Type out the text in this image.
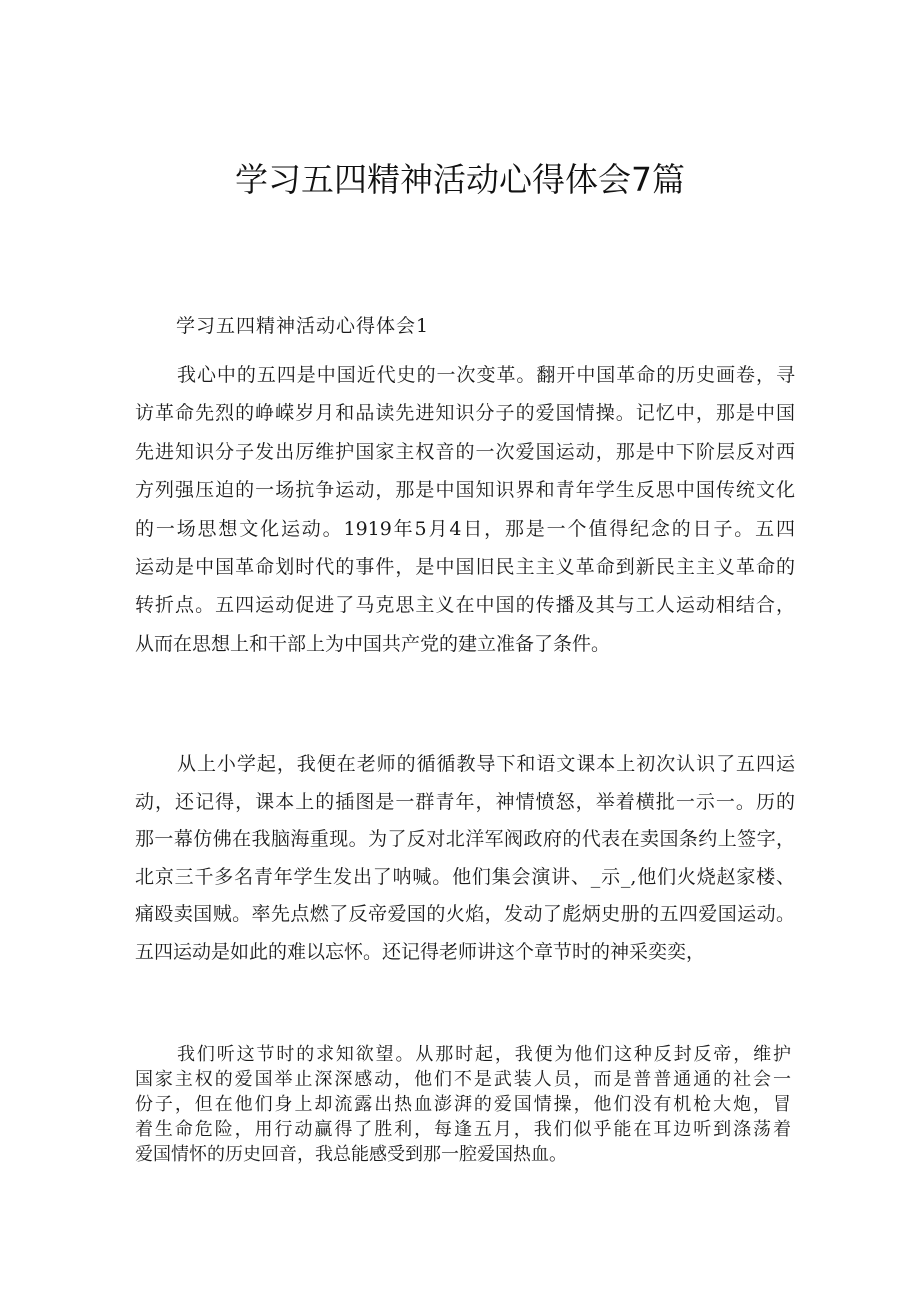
学习五四精神活动心得体会7篇
学习五四精神活动心得体会1
我心中的五四是中国近代史的一次变革。翻开中国革命的历史画卷，寻
访革命先烈的峥嵘岁月和品读先进知识分子的爱国情操。记忆中，那是中国
先进知识分子发出厉维护国家主权音的一次爱国运动，那是中下阶层反对西
方列强压迫的一场抗争运动，那是中国知识界和青年学生反思中国传统文化
的一场思想文化运动。1919年5月4日，那是一个值得纪念的日子。五四
运动是中国革命划时代的事件，是中国旧民主主义革命到新民主主义革命的
转折点。五四运动促进了马克思主义在中国的传播及其与工人运动相结合，
从而在思想上和干部上为中国共产党的建立准备了条件。
从上小学起，我便在老师的循循教导下和语文课本上初次认识了五四运
动，还记得，课本上的插图是一群青年，神情愤怒，举着横批一示一。历的
那一幕仿佛在我脑海重现。为了反对北洋军阀政府的代表在卖国条约上签字，
北京三千多名青年学生发出了呐喊。他们集会演讲、_示_,他们火烧赵家楼、
痛殴卖国贼。率先点燃了反帝爱国的火焰，发动了彪炳史册的五四爱国运动。
五四运动是如此的难以忘怀。还记得老师讲这个章节时的神采奕奕，
我们听这节时的求知欲望。从那时起，我便为他们这种反封反帝，维护
国家主权的爱国举止深深感动，他们不是武装人员，而是普普通通的社会一
份子，但在他们身上却流露出热血澎湃的爱国情操，他们没有机枪大炮，冒
着生命危险，用行动赢得了胜利，每逢五月，我们似乎能在耳边听到涤荡着
爱国情怀的历史回音，我总能感受到那一腔爱国热血。
